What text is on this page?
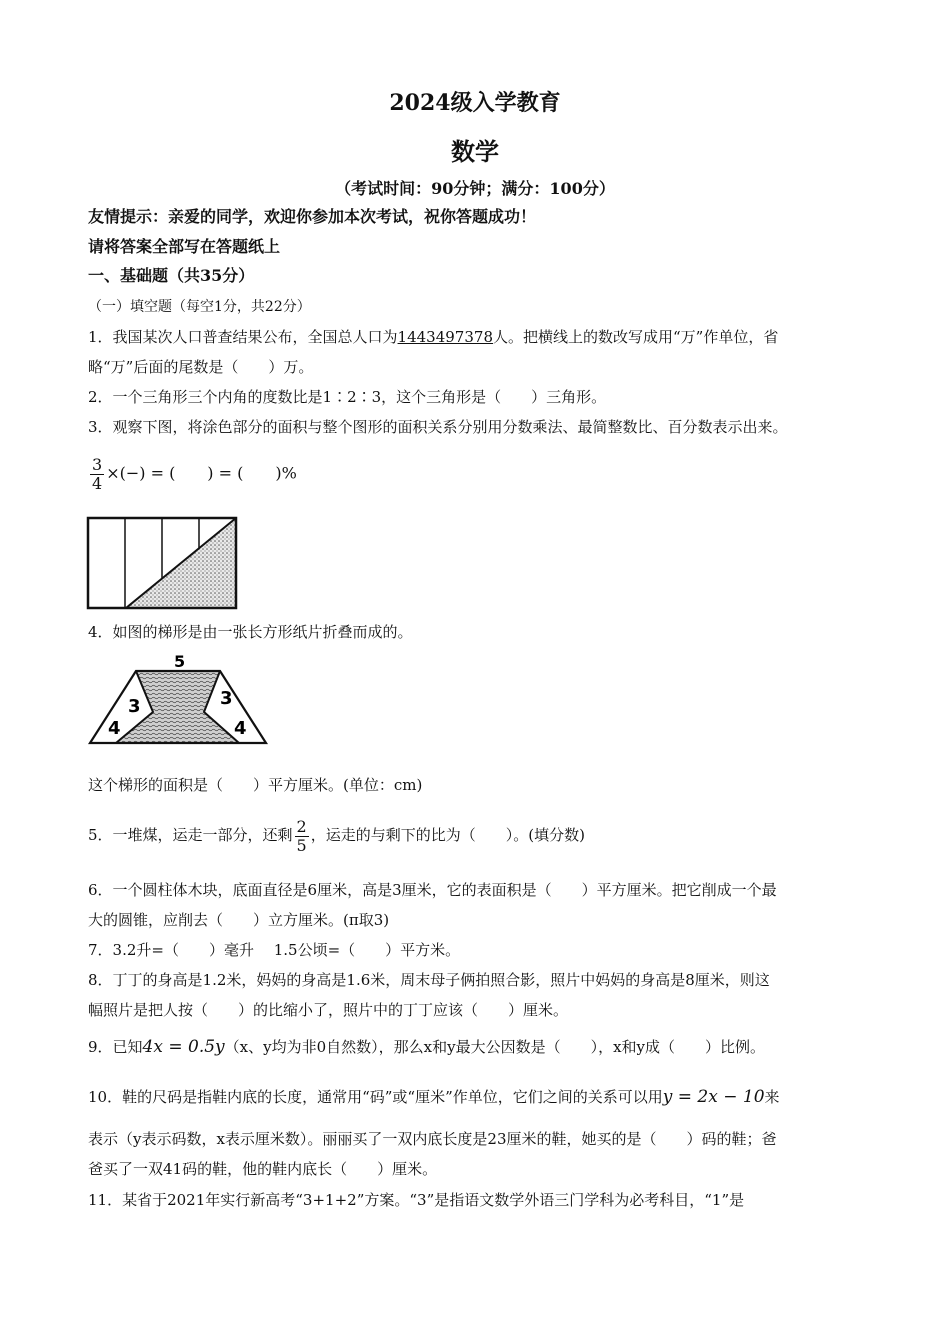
2024级入学教育
数学
（考试时间：90分钟；满分：100分）
友情提示：亲爱的同学，欢迎你参加本次考试，祝你答题成功！
请将答案全部写在答题纸上
一、基础题（共35分）
（一）填空题（每空1分，共22分）
1．我国某次人口普查结果公布，全国总人口为1443497378人。把横线上的数改写成用“万”作单位，省
略“万”后面的尾数是（　　）万。
2．一个三角形三个内角的度数比是1∶2∶3，这个三角形是（　　）三角形。
3．观察下图，将涂色部分的面积与整个图形的面积关系分别用分数乘法、最简整数比、百分数表示出来。
$\frac{3}{4}$ ×(−) = (　　) = (　　)%
4．如图的梯形是由一张长方形纸片折叠而成的。
5
3	3
4	4
这个梯形的面积是（　　）平方厘米。(单位：cm)
5．一堆煤，运走一部分，还剩 $\frac{2}{5}$ ，运走的与剩下的比为（　　）。(填分数)
6．一个圆柱体木块，底面直径是6厘米，高是3厘米，它的表面积是（　　）平方厘米。把它削成一个最
大的圆锥，应削去（　　）立方厘米。(π取3)
7．3.2升=（　　）毫升　 1.5公顷=（　　）平方米。
8．丁丁的身高是1.2米，妈妈的身高是1.6米，周末母子俩拍照合影，照片中妈妈的身高是8厘米，则这
幅照片是把人按（　　）的比缩小了，照片中的丁丁应该（　　）厘米。
9．已知4x = 0.5y（x、y均为非0自然数），那么x和y最大公因数是（　　），x和y成（　　）比例。
10．鞋的尺码是指鞋内底的长度，通常用“码”或“厘米”作单位，它们之间的关系可以用y = 2x − 10来
表示（y表示码数，x表示厘米数）。丽丽买了一双内底长度是23厘米的鞋，她买的是（　　）码的鞋；爸
爸买了一双41码的鞋，他的鞋内底长（　　）厘米。
11．某省于2021年实行新高考“3+1+2”方案。“3”是指语文数学外语三门学科为必考科目，“1”是
